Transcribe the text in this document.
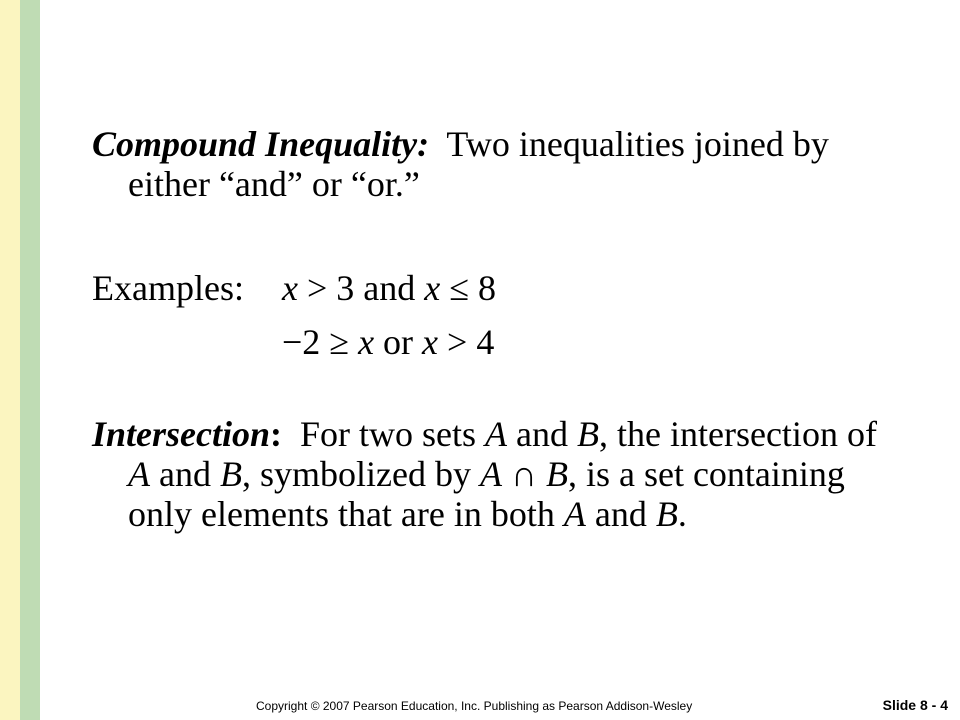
Compound Inequality: Two inequalities joined by
either “and” or “or.”
Examples: x > 3 and x ≤ 8
−2 ≥ x or x > 4
Intersection: For two sets A and B, the intersection of
A and B, symbolized by A ∩ B, is a set containing
only elements that are in both A and B.
Copyright © 2007 Pearson Education, Inc. Publishing as Pearson Addison-Wesley	Slide 8 - 4
